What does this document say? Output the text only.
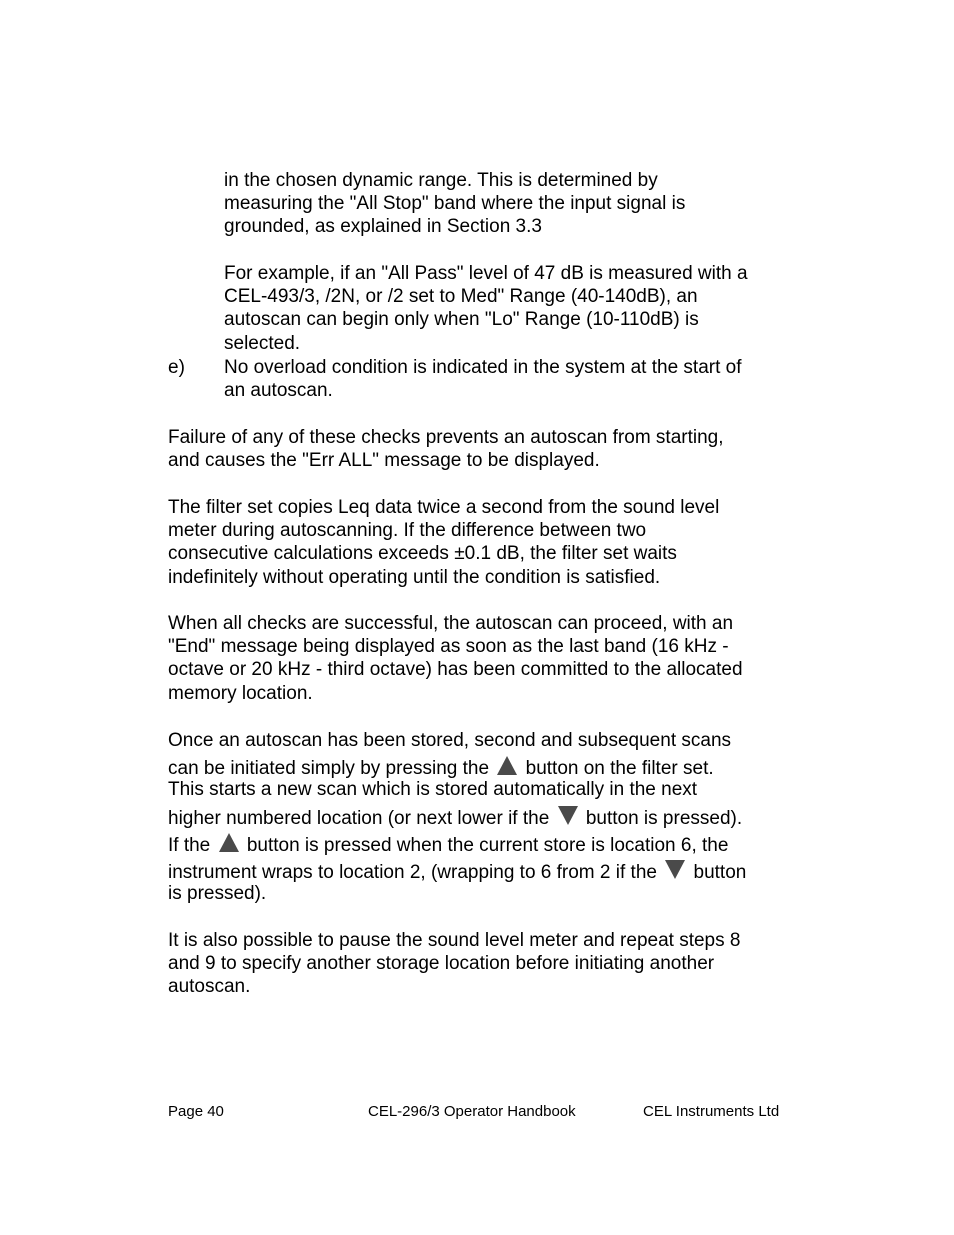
in the chosen dynamic range. This is determined by
measuring the "All Stop" band where the input signal is
grounded, as explained in Section 3.3
For example, if an "All Pass" level of 47 dB is measured with a
CEL-493/3, /2N, or /2 set to Med" Range (40-140dB), an
autoscan can begin only when "Lo" Range (10-110dB) is
selected.
e) No overload condition is indicated in the system at the start of
an autoscan.
Failure of any of these checks prevents an autoscan from starting,
and causes the "Err ALL" message to be displayed.
The filter set copies Leq data twice a second from the sound level
meter during autoscanning. If the difference between two
consecutive calculations exceeds ±0.1 dB, the filter set waits
indefinitely without operating until the condition is satisfied.
When all checks are successful, the autoscan can proceed, with an
"End" message being displayed as soon as the last band (16 kHz -
octave or 20 kHz - third octave) has been committed to the allocated
memory location.
Once an autoscan has been stored, second and subsequent scans
can be initiated simply by pressing the button on the filter set.
This starts a new scan which is stored automatically in the next
higher numbered location (or next lower if the button is pressed).
If the button is pressed when the current store is location 6, the
instrument wraps to location 2, (wrapping to 6 from 2 if the button
is pressed).
It is also possible to pause the sound level meter and repeat steps 8
and 9 to specify another storage location before initiating another
autoscan.
Page 40	CEL-296/3 Operator Handbook	CEL Instruments Ltd
